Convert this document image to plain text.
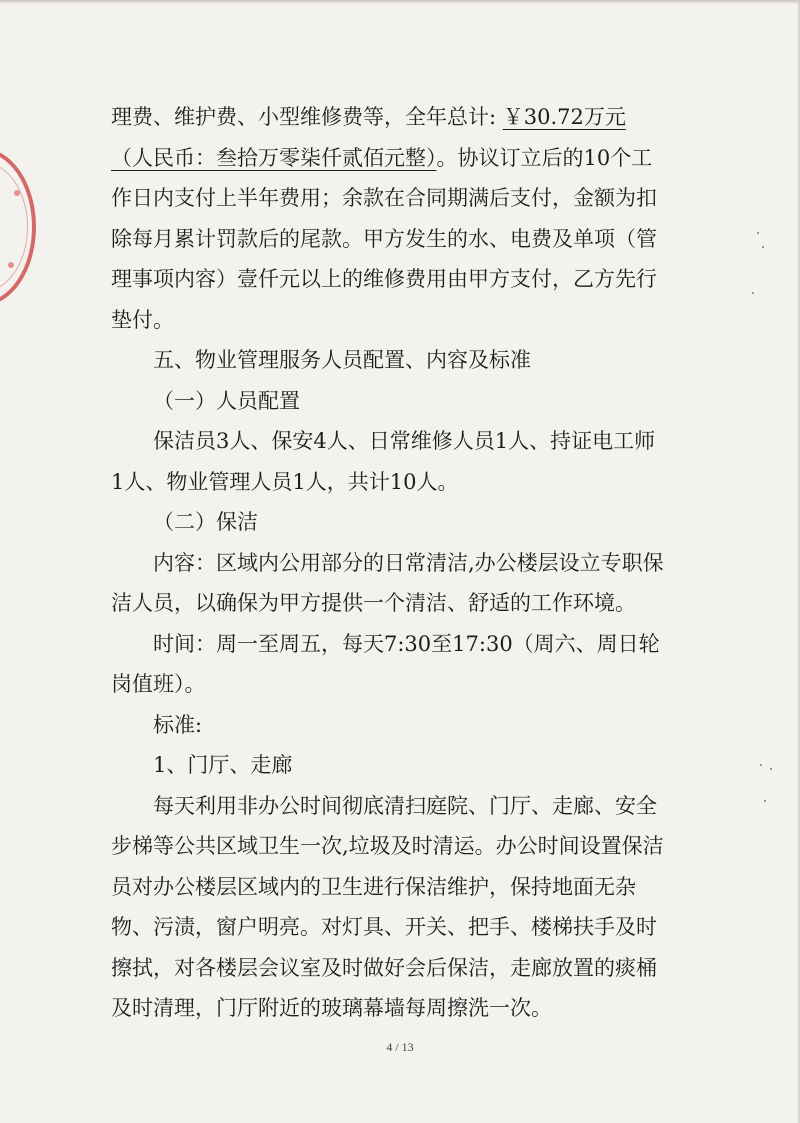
理费、维护费、小型维修费等，全年总计: ￥30.72万元（人民币：叁拾万零柒仟贰佰元整）。协议订立后的10个工作日内支付上半年费用；余款在合同期满后支付，金额为扣除每月累计罚款后的尾款。甲方发生的水、电费及单项（管理事项内容）壹仟元以上的维修费用由甲方支付，乙方先行垫付。

五、物业管理服务人员配置、内容及标准

（一）人员配置

保洁员3人、保安4人、日常维修人员1人、持证电工师1人、物业管理人员1人，共计10人。

（二）保洁

内容：区域内公用部分的日常清洁,办公楼层设立专职保洁人员，以确保为甲方提供一个清洁、舒适的工作环境。

时间：周一至周五，每天7:30至17:30（周六、周日轮岗值班）。

标准:

1、门厅、走廊

每天利用非办公时间彻底清扫庭院、门厅、走廊、安全步梯等公共区域卫生一次,垃圾及时清运。办公时间设置保洁员对办公楼层区域内的卫生进行保洁维护，保持地面无杂物、污渍，窗户明亮。对灯具、开关、把手、楼梯扶手及时擦拭，对各楼层会议室及时做好会后保洁，走廊放置的痰桶及时清理，门厅附近的玻璃幕墙每周擦洗一次。

4 / 13
